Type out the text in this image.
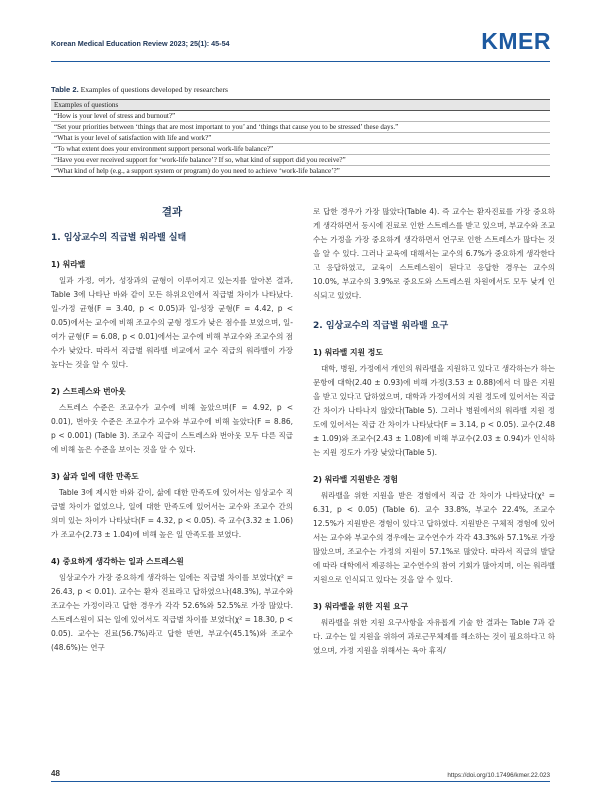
Korean Medical Education Review 2023; 25(1): 45-54	KMER
Table 2. Examples of questions developed by researchers
Examples of questions
“How is your level of stress and burnout?”
“Set your priorities between ‘things that are most important to you’ and ‘things that cause you to be stressed’ these days.”
“What is your level of satisfaction with life and work?”
“To what extent does your environment support personal work-life balance?”
“Have you ever received support for ‘work-life balance’? If so, what kind of support did you receive?”
“What kind of help (e.g., a support system or program) do you need to achieve ‘work-life balance’?”
결과
1. 임상교수의 직급별 워라밸 실태
1) 워라밸

일과 가정, 여가, 성장과의 균형이 이루어지고 있는지를 알아본 결과, Table 3에 나타난 바와 같이 모든 하위요인에서 직급별 차이가 나타났다. 일-가정 균형(F = 3.40, p < 0.05)과 일-성장 균형(F = 4.42, p < 0.05)에서는 교수에 비해 조교수의 균형 정도가 낮은 점수를 보였으며, 일-여가 균형(F = 6.08, p < 0.01)에서는 교수에 비해 부교수와 조교수의 점수가 낮았다. 따라서 직급별 워라밸 비교에서 교수 직급의 워라밸이 가장 높다는 것을 알 수 있다.

2) 스트레스와 번아웃

스트레스 수준은 조교수가 교수에 비해 높았으며(F = 4.92, p < 0.01), 번아웃 수준은 조교수가 교수와 부교수에 비해 높았다(F = 8.86, p < 0.001) (Table 3). 조교수 직급이 스트레스와 번아웃 모두 다른 직급에 비해 높은 수준을 보이는 것을 알 수 있다.

3) 삶과 일에 대한 만족도

Table 3에 제시한 바와 같이, 삶에 대한 만족도에 있어서는 임상교수 직급별 차이가 없었으나, 일에 대한 만족도에 있어서는 교수와 조교수 간의 의미 있는 차이가 나타났다(F = 4.32, p < 0.05). 즉 교수(3.32 ± 1.06)가 조교수(2.73 ± 1.04)에 비해 높은 일 만족도를 보였다.

4) 중요하게 생각하는 일과 스트레스원

임상교수가 가장 중요하게 생각하는 일에는 직급별 차이를 보였다(χ² = 26.43, p < 0.01). 교수는 환자 진료라고 답하였으나(48.3%), 부교수와 조교수는 가정이라고 답한 경우가 각각 52.6%와 52.5%로 가장 많았다. 스트레스원이 되는 일에 있어서도 직급별 차이를 보였다(χ² = 18.30, p < 0.05). 교수는 진료(56.7%)라고 답한 반면, 부교수(45.1%)와 조교수(48.6%)는 연구

로 답한 경우가 가장 많았다(Table 4). 즉 교수는 환자진료를 가장 중요하게 생각하면서 동시에 진료로 인한 스트레스를 받고 있으며, 부교수와 조교수는 가정을 가장 중요하게 생각하면서 연구로 인한 스트레스가 많다는 것을 알 수 있다. 그러나 교육에 대해서는 교수의 6.7%가 중요하게 생각한다고 응답하였고, 교육이 스트레스원이 된다고 응답한 경우는 교수의 10.0%, 부교수의 3.9%로 중요도와 스트레스원 차원에서도 모두 낮게 인식되고 있었다.

2. 임상교수의 직급별 워라밸 요구
1) 워라밸 지원 정도

대학, 병원, 가정에서 개인의 워라밸을 지원하고 있다고 생각하는가 하는 문항에 대학(2.40 ± 0.93)에 비해 가정(3.53 ± 0.88)에서 더 많은 지원을 받고 있다고 답하였으며, 대학과 가정에서의 지원 정도에 있어서는 직급 간 차이가 나타나지 않았다(Table 5). 그러나 병원에서의 워라밸 지원 정도에 있어서는 직급 간 차이가 나타났다(F = 3.14, p < 0.05). 교수(2.48 ± 1.09)와 조교수(2.43 ± 1.08)에 비해 부교수(2.03 ± 0.94)가 인식하는 지원 정도가 가장 낮았다(Table 5).

2) 워라밸 지원받은 경험

워라밸을 위한 지원을 받은 경험에서 직급 간 차이가 나타났다(χ² = 6.31, p < 0.05) (Table 6). 교수 33.8%, 부교수 22.4%, 조교수 12.5%가 지원받은 경험이 있다고 답하였다. 지원받은 구체적 경험에 있어서는 교수와 부교수의 경우에는 교수연수가 각각 43.3%와 57.1%로 가장 많았으며, 조교수는 가정의 지원이 57.1%로 많았다. 따라서 직급의 발달에 따라 대학에서 제공하는 교수연수의 참여 기회가 많아지며, 이는 워라밸 지원으로 인식되고 있다는 것을 알 수 있다.

3) 워라밸을 위한 지원 요구

워라밸을 위한 지원 요구사항을 자유롭게 기술 한 결과는 Table 7과 같다. 교수는 일 지원을 위하여 과로근무체제를 해소하는 것이 필요하다고 하였으며, 가정 지원을 위해서는 육아 휴직/

48	https://doi.org/10.17496/kmer.22.023
